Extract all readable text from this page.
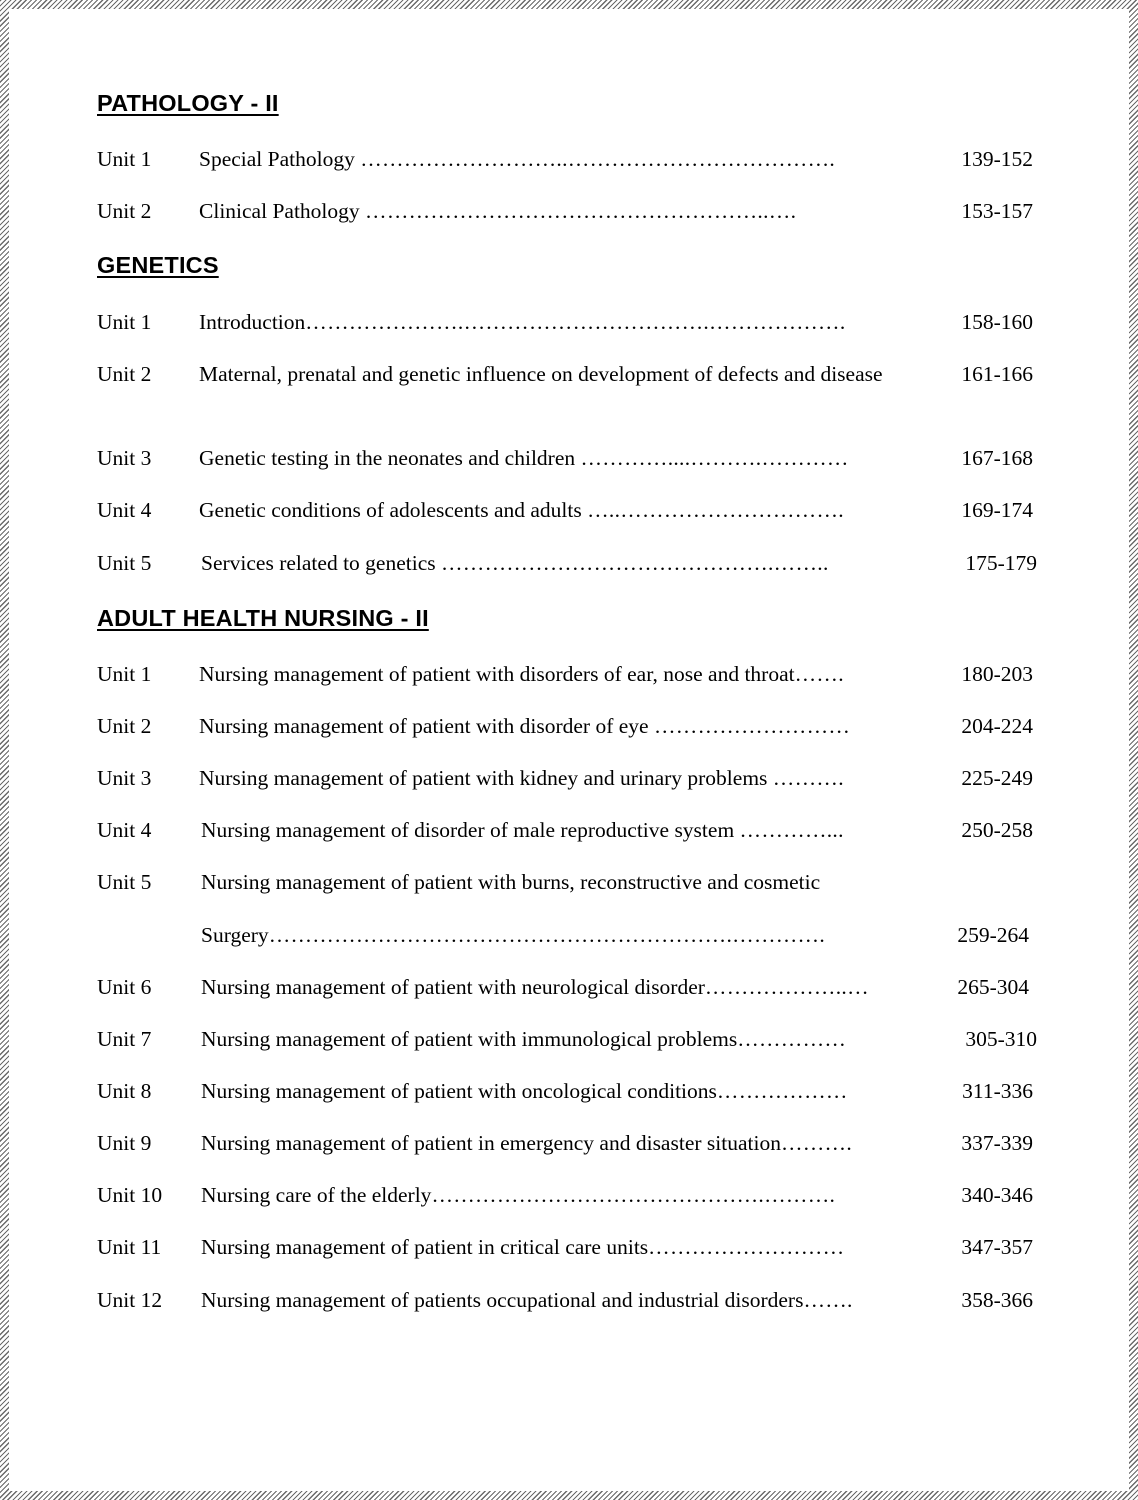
PATHOLOGY - II
Unit 1 Special Pathology ………………………..……………………………….	139-152
Unit 2 Clinical Pathology ………………………………………………..….	153-157
GENETICS
Unit 1 Introduction………………….…………………………….……………….	158-160
Unit 2 Maternal, prenatal and genetic influence on development of defects and disease	161-166
Unit 3 Genetic testing in the neonates and children …………....……….…………	167-168
Unit 4 Genetic conditions of adolescents and adults …..………………………….	169-174
Unit 5 Services related to genetics ……………………………………….……..	175-179
ADULT HEALTH NURSING - II
Unit 1 Nursing management of patient with disorders of ear, nose and throat…….	180-203
Unit 2 Nursing management of patient with disorder of eye ………………………	204-224
Unit 3 Nursing management of patient with kidney and urinary problems ……….	225-249
Unit 4 Nursing management of disorder of male reproductive system …………...	250-258
Unit 5 Nursing management of patient with burns, reconstructive and cosmetic
Surgery……………………………………………………….………….	259-264
Unit 6 Nursing management of patient with neurological disorder………………..…	265-304
Unit 7 Nursing management of patient with immunological problems……………	305-310
Unit 8 Nursing management of patient with oncological conditions………………	311-336
Unit 9 Nursing management of patient in emergency and disaster situation……….	337-339
Unit 10 Nursing care of the elderly……………………………………….……….	340-346
Unit 11 Nursing management of patient in critical care units………………………	347-357
Unit 12 Nursing management of patients occupational and industrial disorders…….	358-366
